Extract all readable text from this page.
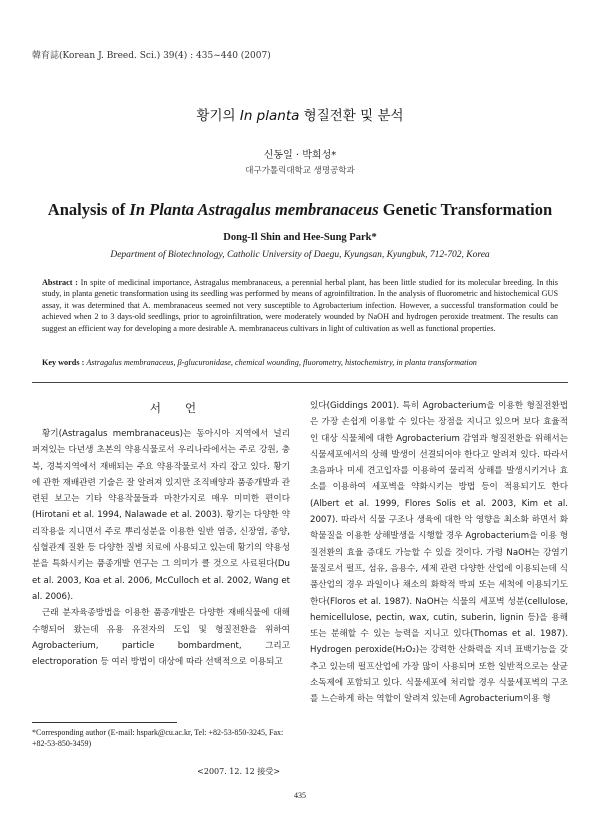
韓育誌(Korean J. Breed. Sci.) 39(4) : 435~440 (2007)
황기의 In planta 형질전환 및 분석
신동일 · 박희성*
대구가톨릭대학교 생명공학과
Analysis of In Planta Astragalus membranaceus Genetic Transformation
Dong-Il Shin and Hee-Sung Park*
Department of Biotechnology, Catholic University of Daegu, Kyungsan, Kyungbuk, 712-702, Korea
Abstract : In spite of medicinal importance, Astragalus membranaceus, a perennial herbal plant, has been little studied for its molecular breeding. In this study, in planta genetic transformation using its seedling was performed by means of agroinfiltration. In the analysis of fluorometric and histochemical GUS assay, it was determined that A. membranaceus seemed not very susceptible to Agrobacterium infection. However, a successful transformation could be achieved when 2 to 3 days-old seedlings, prior to agroinfiltration, were moderately wounded by NaOH and hydrogen peroxide treatment. The results can suggest an efficient way for developing a more desirable A. membranaceus cultivars in light of cultivation as well as functional properties.
Key words : Astragalus membranaceus, β-glucuronidase, chemical wounding, fluorometry, histochemistry, in planta transformation
서언

황기(Astragalus membranaceus)는 동아시아 지역에서 널리 퍼져있는 다년생 초본의 약용식물로서 우리나라에서는 주로 강원, 충북, 경북지역에서 재배되는 주요 약용작물로서 자리 잡고 있다. 황기에 관한 재배관련 기술은 잘 알려져 있지만 조직배양과 품종개발과 관련된 보고는 기타 약용작물들과 마찬가지로 매우 미미한 편이다(Hirotani et al. 1994, Nalawade et al. 2003). 황기는 다양한 약리작용을 지니면서 주로 뿌리성분을 이용한 일반 염증, 신장염, 종양, 심혈관계 질환 등 다양한 질병 치료에 사용되고 있는데 황기의 약용성분을 특화시키는 품종개발 연구는 그 의미가 클 것으로 사료된다(Du et al. 2003, Koa et al. 2006, McCulloch et al. 2002, Wang et al. 2006).

근래 분자육종방법을 이용한 품종개발은 다양한 재배식물에 대해 수행되어 왔는데 유용 유전자의 도입 및 형질전환을 위하여 Agrobacterium, particle bombardment, 그리고 electroporation 등 여러 방법이 대상에 따라 선택적으로 이용되고

있다(Giddings 2001). 특히 Agrobacterium을 이용한 형질전환법은 가장 손쉽게 이용할 수 있다는 장점을 지니고 있으며 보다 효율적인 대상 식물체에 대한 Agrobacterium 감염과 형질전환을 위해서는 식물세포에서의 상해 발생이 선결되어야 한다고 알려져 있다. 따라서 초음파나 미세 견고입자를 이용하여 물리적 상해를 발생시키거나 효소를 이용하여 세포벽을 약화시키는 방법 등이 적용되기도 한다(Albert et al. 1999, Flores Solis et al. 2003, Kim et al. 2007). 따라서 식물 구조나 생육에 대한 악 영향을 최소화 하면서 화학물질을 이용한 상해발생을 시행할 경우 Agrobacterium을 이용 형질전환의 효율 증대도 가능할 수 있을 것이다. 가령 NaOH는 강염기 물질로서 펄프, 섬유, 음용수, 세제 관련 다양한 산업에 이용되는데 식품산업의 경우 과일이나 채소의 화학적 박피 또는 세척에 이용되기도 한다(Floros et al. 1987). NaOH는 식물의 세포벽 성분(cellulose, hemicellulose, pectin, wax, cutin, suberin, lignin 등)을 용해 또는 분해할 수 있는 능력을 지니고 있다(Thomas et al. 1987). Hydrogen peroxide(H₂O₂)는 강력한 산화력을 지녀 표백기능을 갖추고 있는데 펄프산업에 가장 많이 사용되며 또한 일반적으로는 살균소독제에 포함되고 있다. 식물세포에 처리할 경우 식물세포벽의 구조를 느슨하게 하는 역할이 알려져 있는데 Agrobacterium이용 형

*Corresponding author (E-mail: hspark@cu.ac.kr, Tel: +82-53-850-3245, Fax: +82-53-850-3459)
<2007. 12. 12 接受>
435
